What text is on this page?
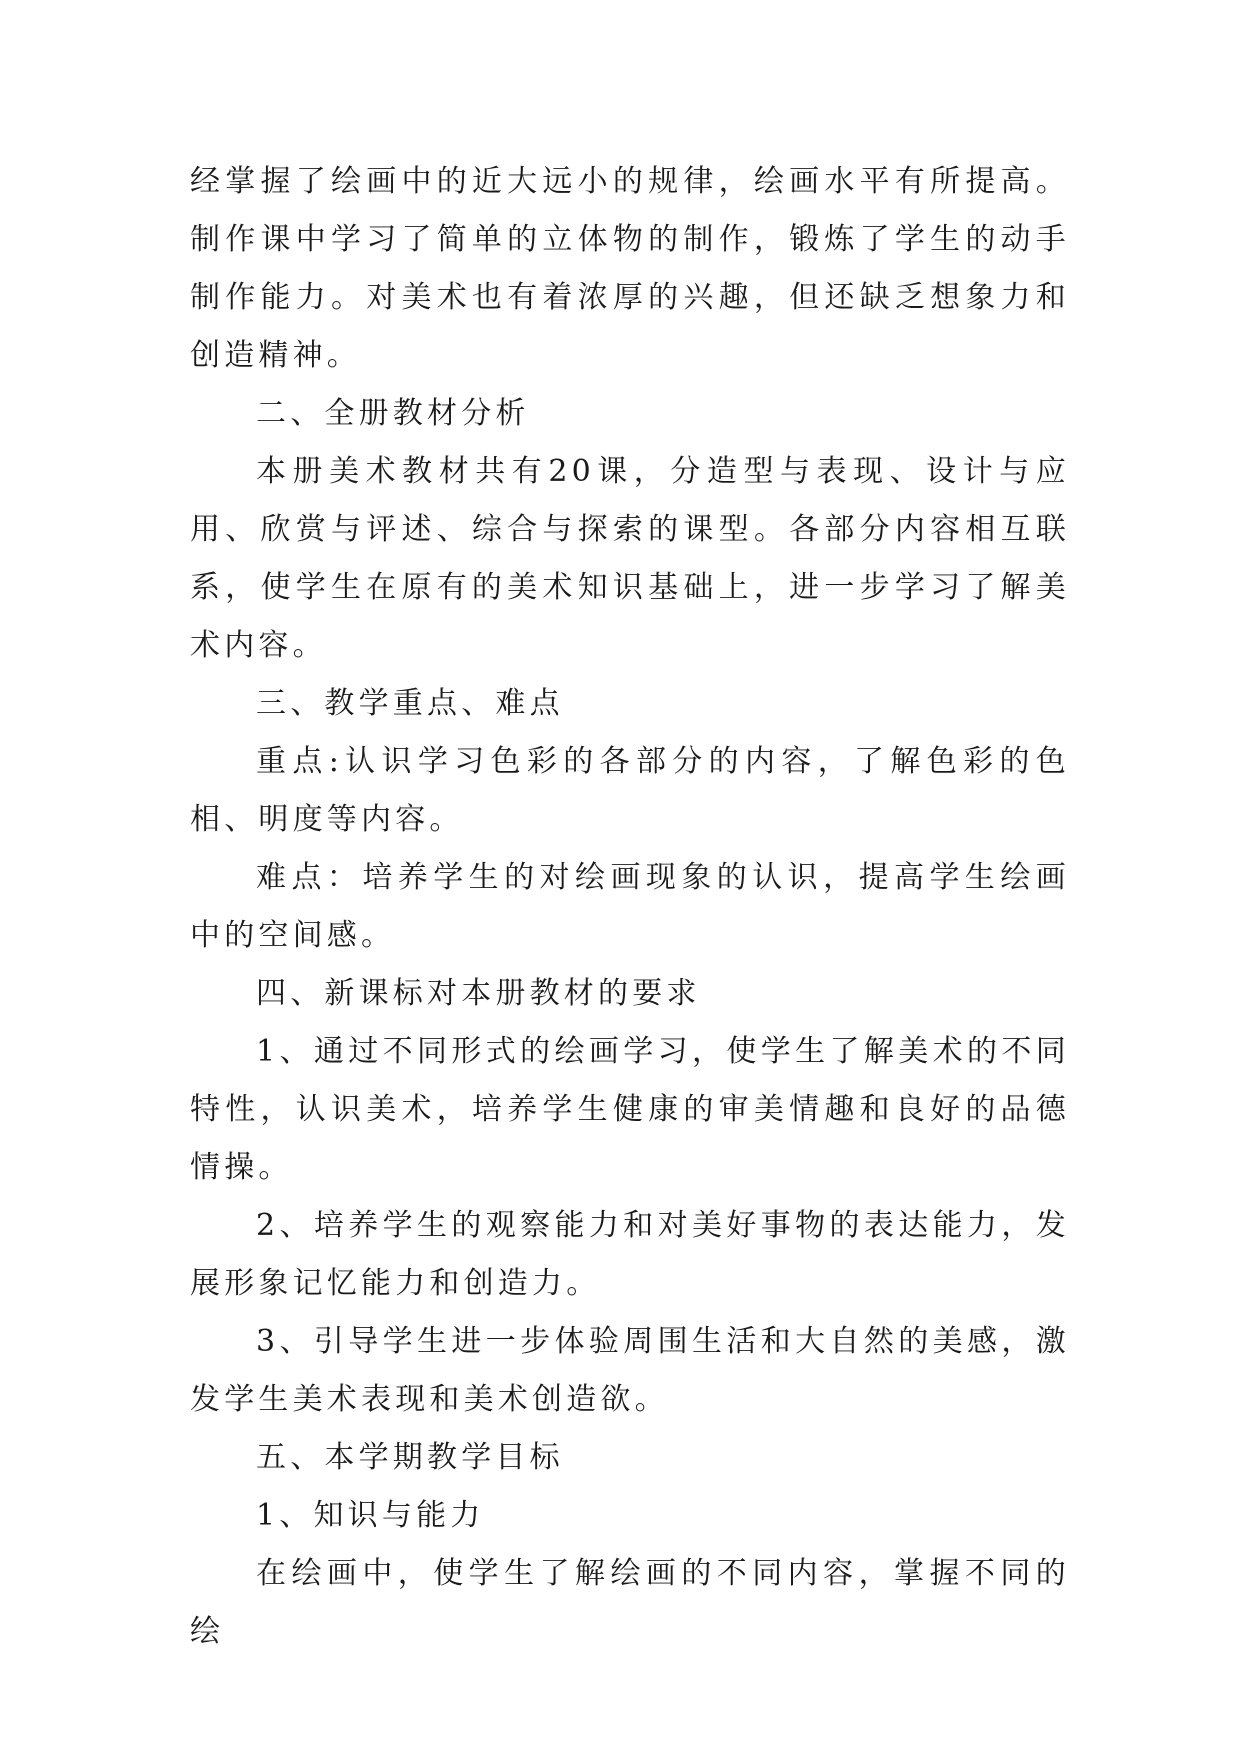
经掌握了绘画中的近大远小的规律，绘画水平有所提高。制作课中学习了简单的立体物的制作，锻炼了学生的动手制作能力。对美术也有着浓厚的兴趣，但还缺乏想象力和创造精神。

二、全册教材分析

本册美术教材共有20课，分造型与表现、设计与应用、欣赏与评述、综合与探索的课型。各部分内容相互联系，使学生在原有的美术知识基础上，进一步学习了解美术内容。

三、教学重点、难点

重点:认识学习色彩的各部分的内容，了解色彩的色相、明度等内容。

难点：培养学生的对绘画现象的认识，提高学生绘画中的空间感。

四、新课标对本册教材的要求

1、通过不同形式的绘画学习，使学生了解美术的不同特性，认识美术，培养学生健康的审美情趣和良好的品德情操。

2、培养学生的观察能力和对美好事物的表达能力，发展形象记忆能力和创造力。

3、引导学生进一步体验周围生活和大自然的美感，激发学生美术表现和美术创造欲。

五、本学期教学目标

1、知识与能力

在绘画中，使学生了解绘画的不同内容，掌握不同的绘
